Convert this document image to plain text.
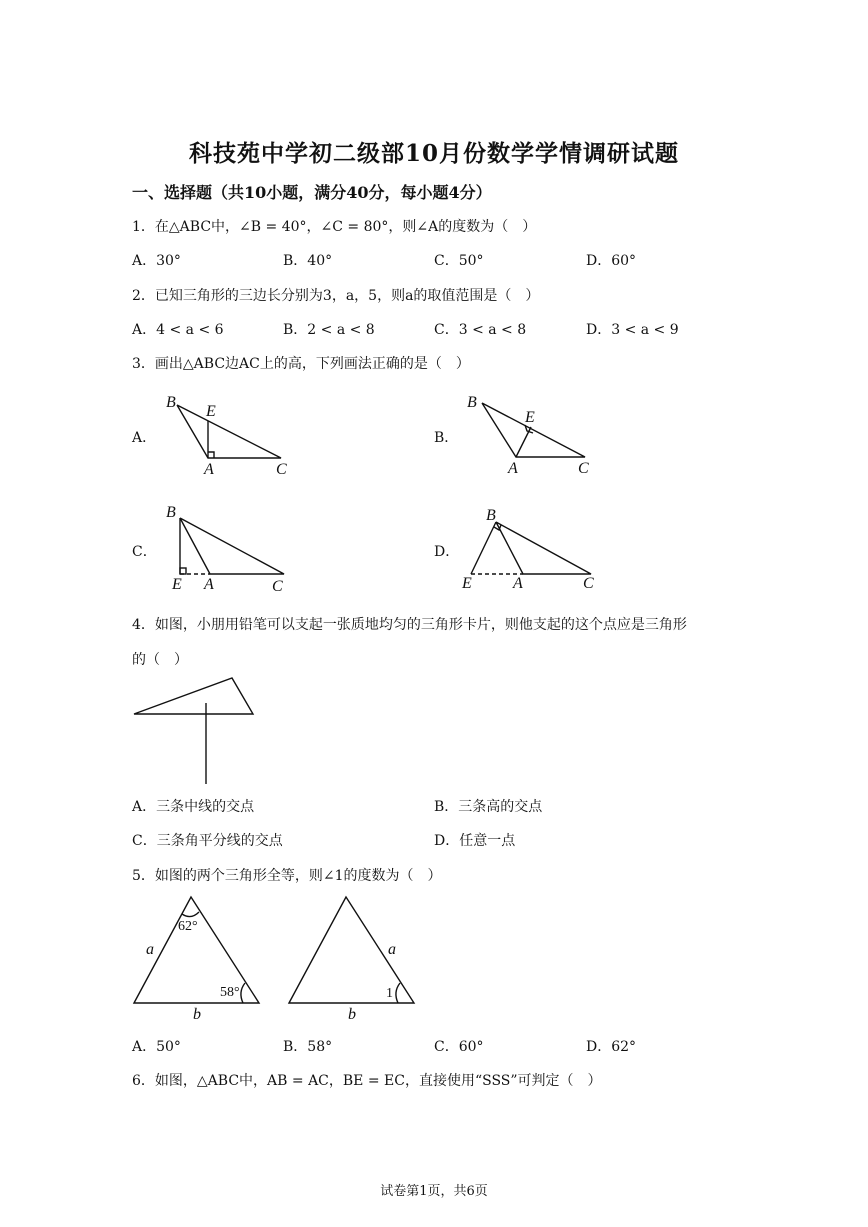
科技苑中学初二级部10月份数学学情调研试题
一、选择题（共10小题，满分40分，每小题4分）
1．在△ABC中，∠B = 40°，∠C = 80°，则∠A的度数为（　）
A．30°	B．40°	C．50°	D．60°
2．已知三角形的三边长分别为3，a，5，则a的取值范围是（　）
A．4 < a < 6	B．2 < a < 8	C．3 < a < 8	D．3 < a < 9
3．画出△ABC边AC上的高，下列画法正确的是（　）
A．	B．
C．	D．
B
E
A	C
B
E
A	C
B
E A	C
B
E	A	C
4．如图，小朋用铅笔可以支起一张质地均匀的三角形卡片，则他支起的这个点应是三角形
的（　）
A．三条中线的交点	B．三条高的交点
C．三条角平分线的交点	D．任意一点
5．如图的两个三角形全等，则∠1的度数为（　）
62°
58°
a
b
a
b
1
A．50°	B．58°	C．60°	D．62°
6．如图，△ABC中，AB = AC，BE = EC，直接使用“SSS”可判定（　）
试卷第1页，共6页
